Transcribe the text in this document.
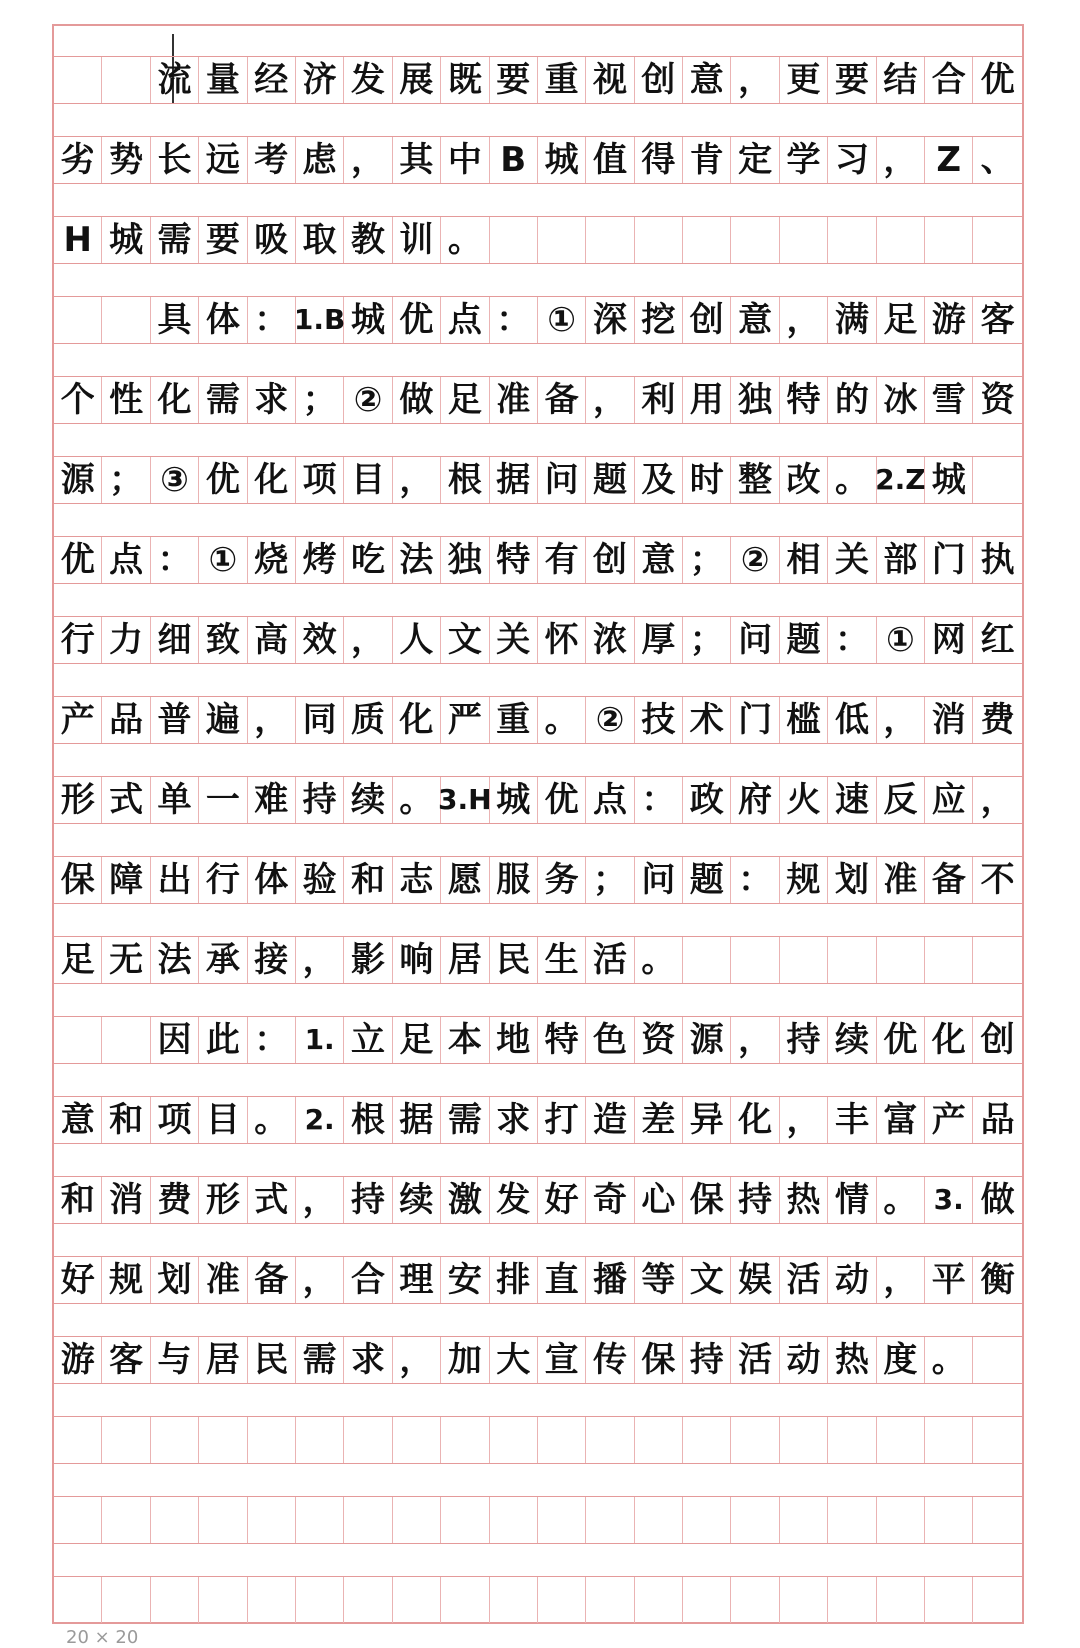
流 量 经 济 发 展 既 要 重 视 创 意 ， 更 要 结 合 优
劣 势 长 远 考 虑 ， 其 中 B 城 值 得 肯 定 学 习 ， Z 、
H 城 需 要 吸 取 教 训 。
具 体 ： 1.B 城 优 点 ： ① 深 挖 创 意 ， 满 足 游 客
个 性 化 需 求 ； ② 做 足 准 备 ， 利 用 独 特 的 冰 雪 资
源 ； ③ 优 化 项 目 ， 根 据 问 题 及 时 整 改 。 2.Z 城
优 点 ： ① 烧 烤 吃 法 独 特 有 创 意 ； ② 相 关 部 门 执
行 力 细 致 高 效 ， 人 文 关 怀 浓 厚 ； 问 题 ： ① 网 红
产 品 普 遍 ， 同 质 化 严 重 。 ② 技 术 门 槛 低 ， 消 费
形 式 单 一 难 持 续 。 3.H 城 优 点 ： 政 府 火 速 反 应 ，
保 障 出 行 体 验 和 志 愿 服 务 ； 问 题 ： 规 划 准 备 不
足 无 法 承 接 ， 影 响 居 民 生 活 。
因 此 ： 1. 立 足 本 地 特 色 资 源 ， 持 续 优 化 创
意 和 项 目 。 2. 根 据 需 求 打 造 差 异 化 ， 丰 富 产 品
和 消 费 形 式 ， 持 续 激 发 好 奇 心 保 持 热 情 。 3. 做
好 规 划 准 备 ， 合 理 安 排 直 播 等 文 娱 活 动 ， 平 衡
游 客 与 居 民 需 求 ， 加 大 宣 传 保 持 活 动 热 度 。
20 × 20
